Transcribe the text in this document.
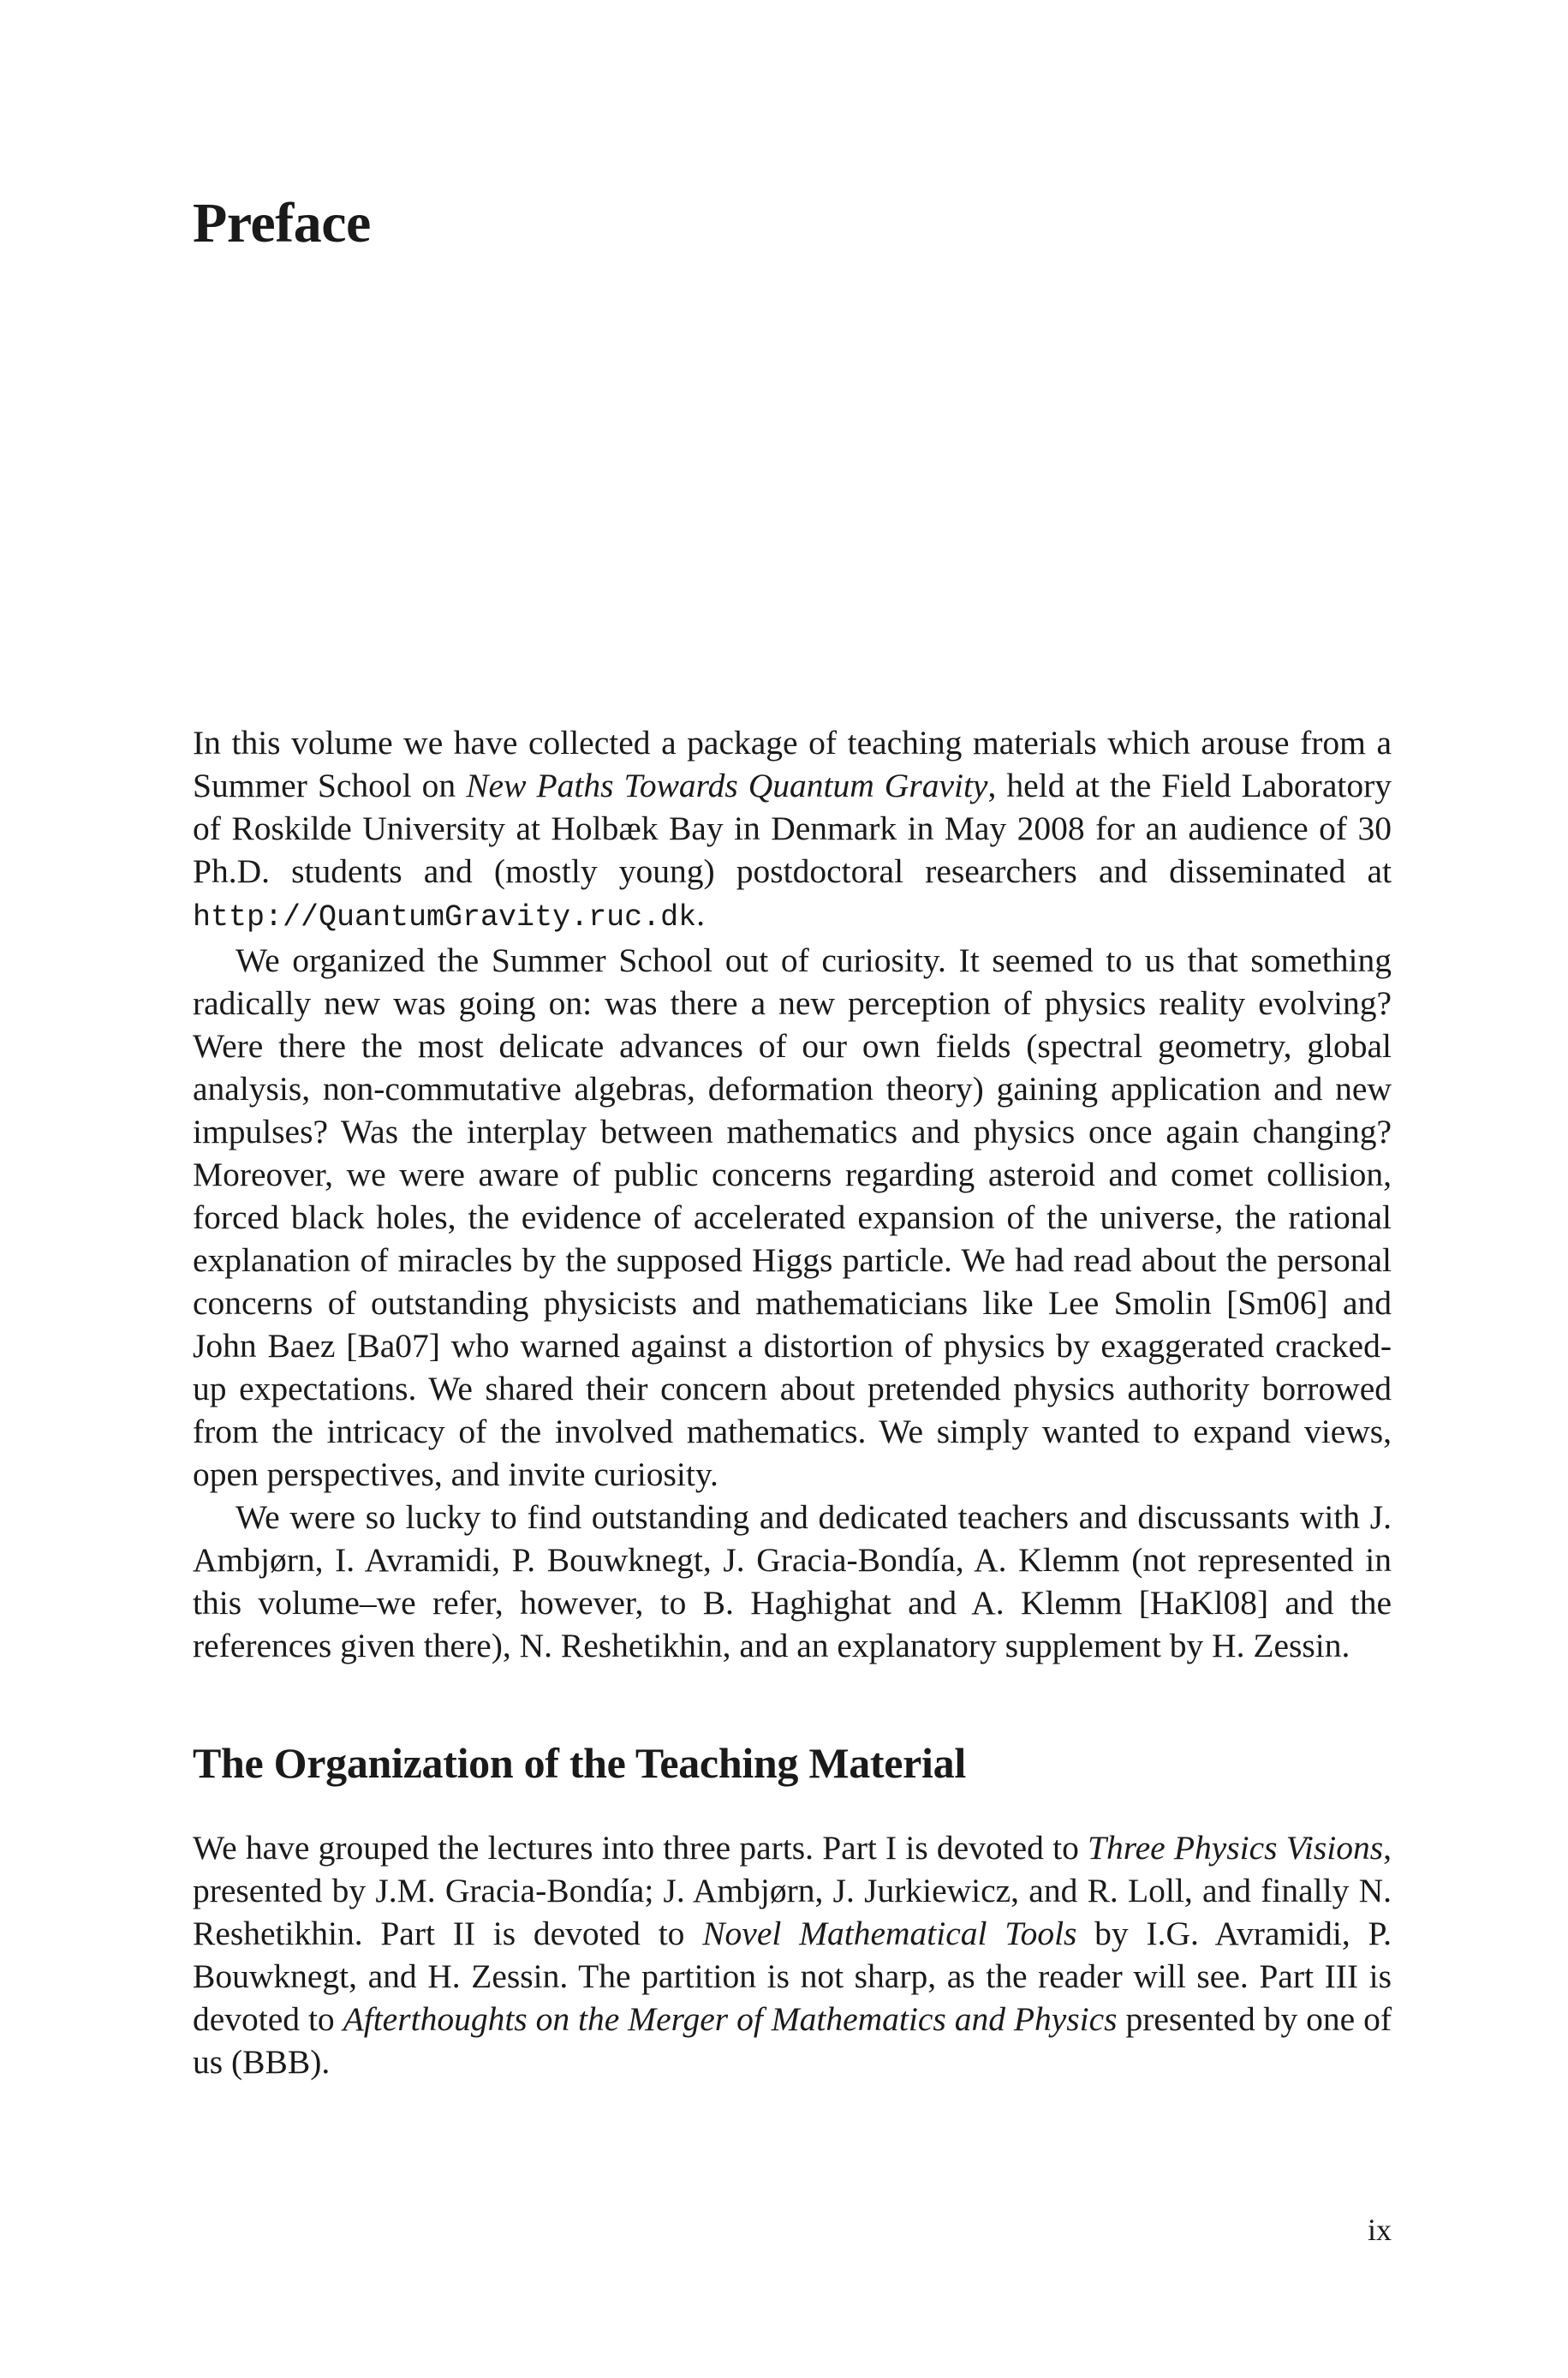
Preface

In this volume we have collected a package of teaching materials which arouse from a Summer School on New Paths Towards Quantum Gravity, held at the Field Laboratory of Roskilde University at Holbæk Bay in Denmark in May 2008 for an audience of 30 Ph.D. students and (mostly young) postdoctoral researchers and disseminated at http://QuantumGravity.ruc.dk.

We organized the Summer School out of curiosity. It seemed to us that something radically new was going on: was there a new perception of physics reality evolving? Were there the most delicate advances of our own fields (spectral geometry, global analysis, non-commutative algebras, deformation theory) gaining application and new impulses? Was the interplay between mathematics and physics once again changing? Moreover, we were aware of public concerns regarding asteroid and comet collision, forced black holes, the evidence of accelerated expansion of the universe, the rational explanation of miracles by the supposed Higgs particle. We had read about the personal concerns of outstanding physicists and mathematicians like Lee Smolin [Sm06] and John Baez [Ba07] who warned against a distortion of physics by exaggerated cracked-up expectations. We shared their concern about pretended physics authority borrowed from the intricacy of the involved mathematics. We simply wanted to expand views, open perspectives, and invite curiosity.

We were so lucky to find outstanding and dedicated teachers and discussants with J. Ambjørn, I. Avramidi, P. Bouwknegt, J. Gracia-Bondía, A. Klemm (not represented in this volume–we refer, however, to B. Haghighat and A. Klemm [HaKl08] and the references given there), N. Reshetikhin, and an explanatory supplement by H. Zessin.

The Organization of the Teaching Material

We have grouped the lectures into three parts. Part I is devoted to Three Physics Visions, presented by J.M. Gracia-Bondía; J. Ambjørn, J. Jurkiewicz, and R. Loll, and finally N. Reshetikhin. Part II is devoted to Novel Mathematical Tools by I.G. Avramidi, P. Bouwknegt, and H. Zessin. The partition is not sharp, as the reader will see. Part III is devoted to Afterthoughts on the Merger of Mathematics and Physics presented by one of us (BBB).

ix
